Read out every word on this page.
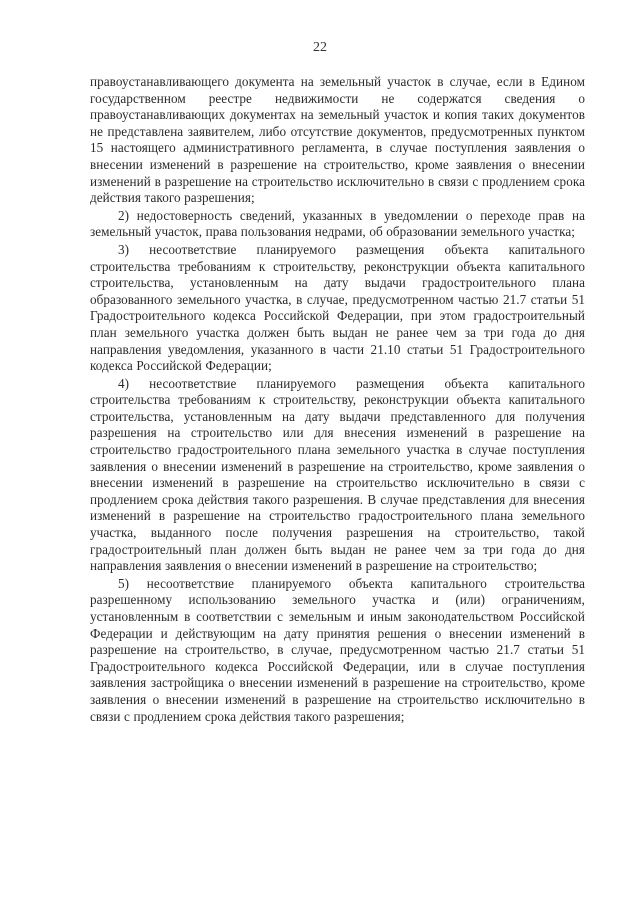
22

правоустанавливающего документа на земельный участок в случае, если в Едином государственном реестре недвижимости не содержатся сведения о правоустанавливающих документах на земельный участок и копия таких документов не представлена заявителем, либо отсутствие документов, предусмотренных пунктом 15 настоящего административного регламента, в случае поступления заявления о внесении изменений в разрешение на строительство, кроме заявления о внесении изменений в разрешение на строительство исключительно в связи с продлением срока действия такого разрешения;

2) недостоверность сведений, указанных в уведомлении о переходе прав на земельный участок, права пользования недрами, об образовании земельного участка;

3) несоответствие планируемого размещения объекта капитального строительства требованиям к строительству, реконструкции объекта капитального строительства, установленным на дату выдачи градостроительного плана образованного земельного участка, в случае, предусмотренном частью 21.7 статьи 51 Градостроительного кодекса Российской Федерации, при этом градостроительный план земельного участка должен быть выдан не ранее чем за три года до дня направления уведомления, указанного в части 21.10 статьи 51 Градостроительного кодекса Российской Федерации;

4) несоответствие планируемого размещения объекта капитального строительства требованиям к строительству, реконструкции объекта капитального строительства, установленным на дату выдачи представленного для получения разрешения на строительство или для внесения изменений в разрешение на строительство градостроительного плана земельного участка в случае поступления заявления о внесении изменений в разрешение на строительство, кроме заявления о внесении изменений в разрешение на строительство исключительно в связи с продлением срока действия такого разрешения. В случае представления для внесения изменений в разрешение на строительство градостроительного плана земельного участка, выданного после получения разрешения на строительство, такой градостроительный план должен быть выдан не ранее чем за три года до дня направления заявления о внесении изменений в разрешение на строительство;

5) несоответствие планируемого объекта капитального строительства разрешенному использованию земельного участка и (или) ограничениям, установленным в соответствии с земельным и иным законодательством Российской Федерации и действующим на дату принятия решения о внесении изменений в разрешение на строительство, в случае, предусмотренном частью 21.7 статьи 51 Градостроительного кодекса Российской Федерации, или в случае поступления заявления застройщика о внесении изменений в разрешение на строительство, кроме заявления о внесении изменений в разрешение на строительство исключительно в связи с продлением срока действия такого разрешения;
